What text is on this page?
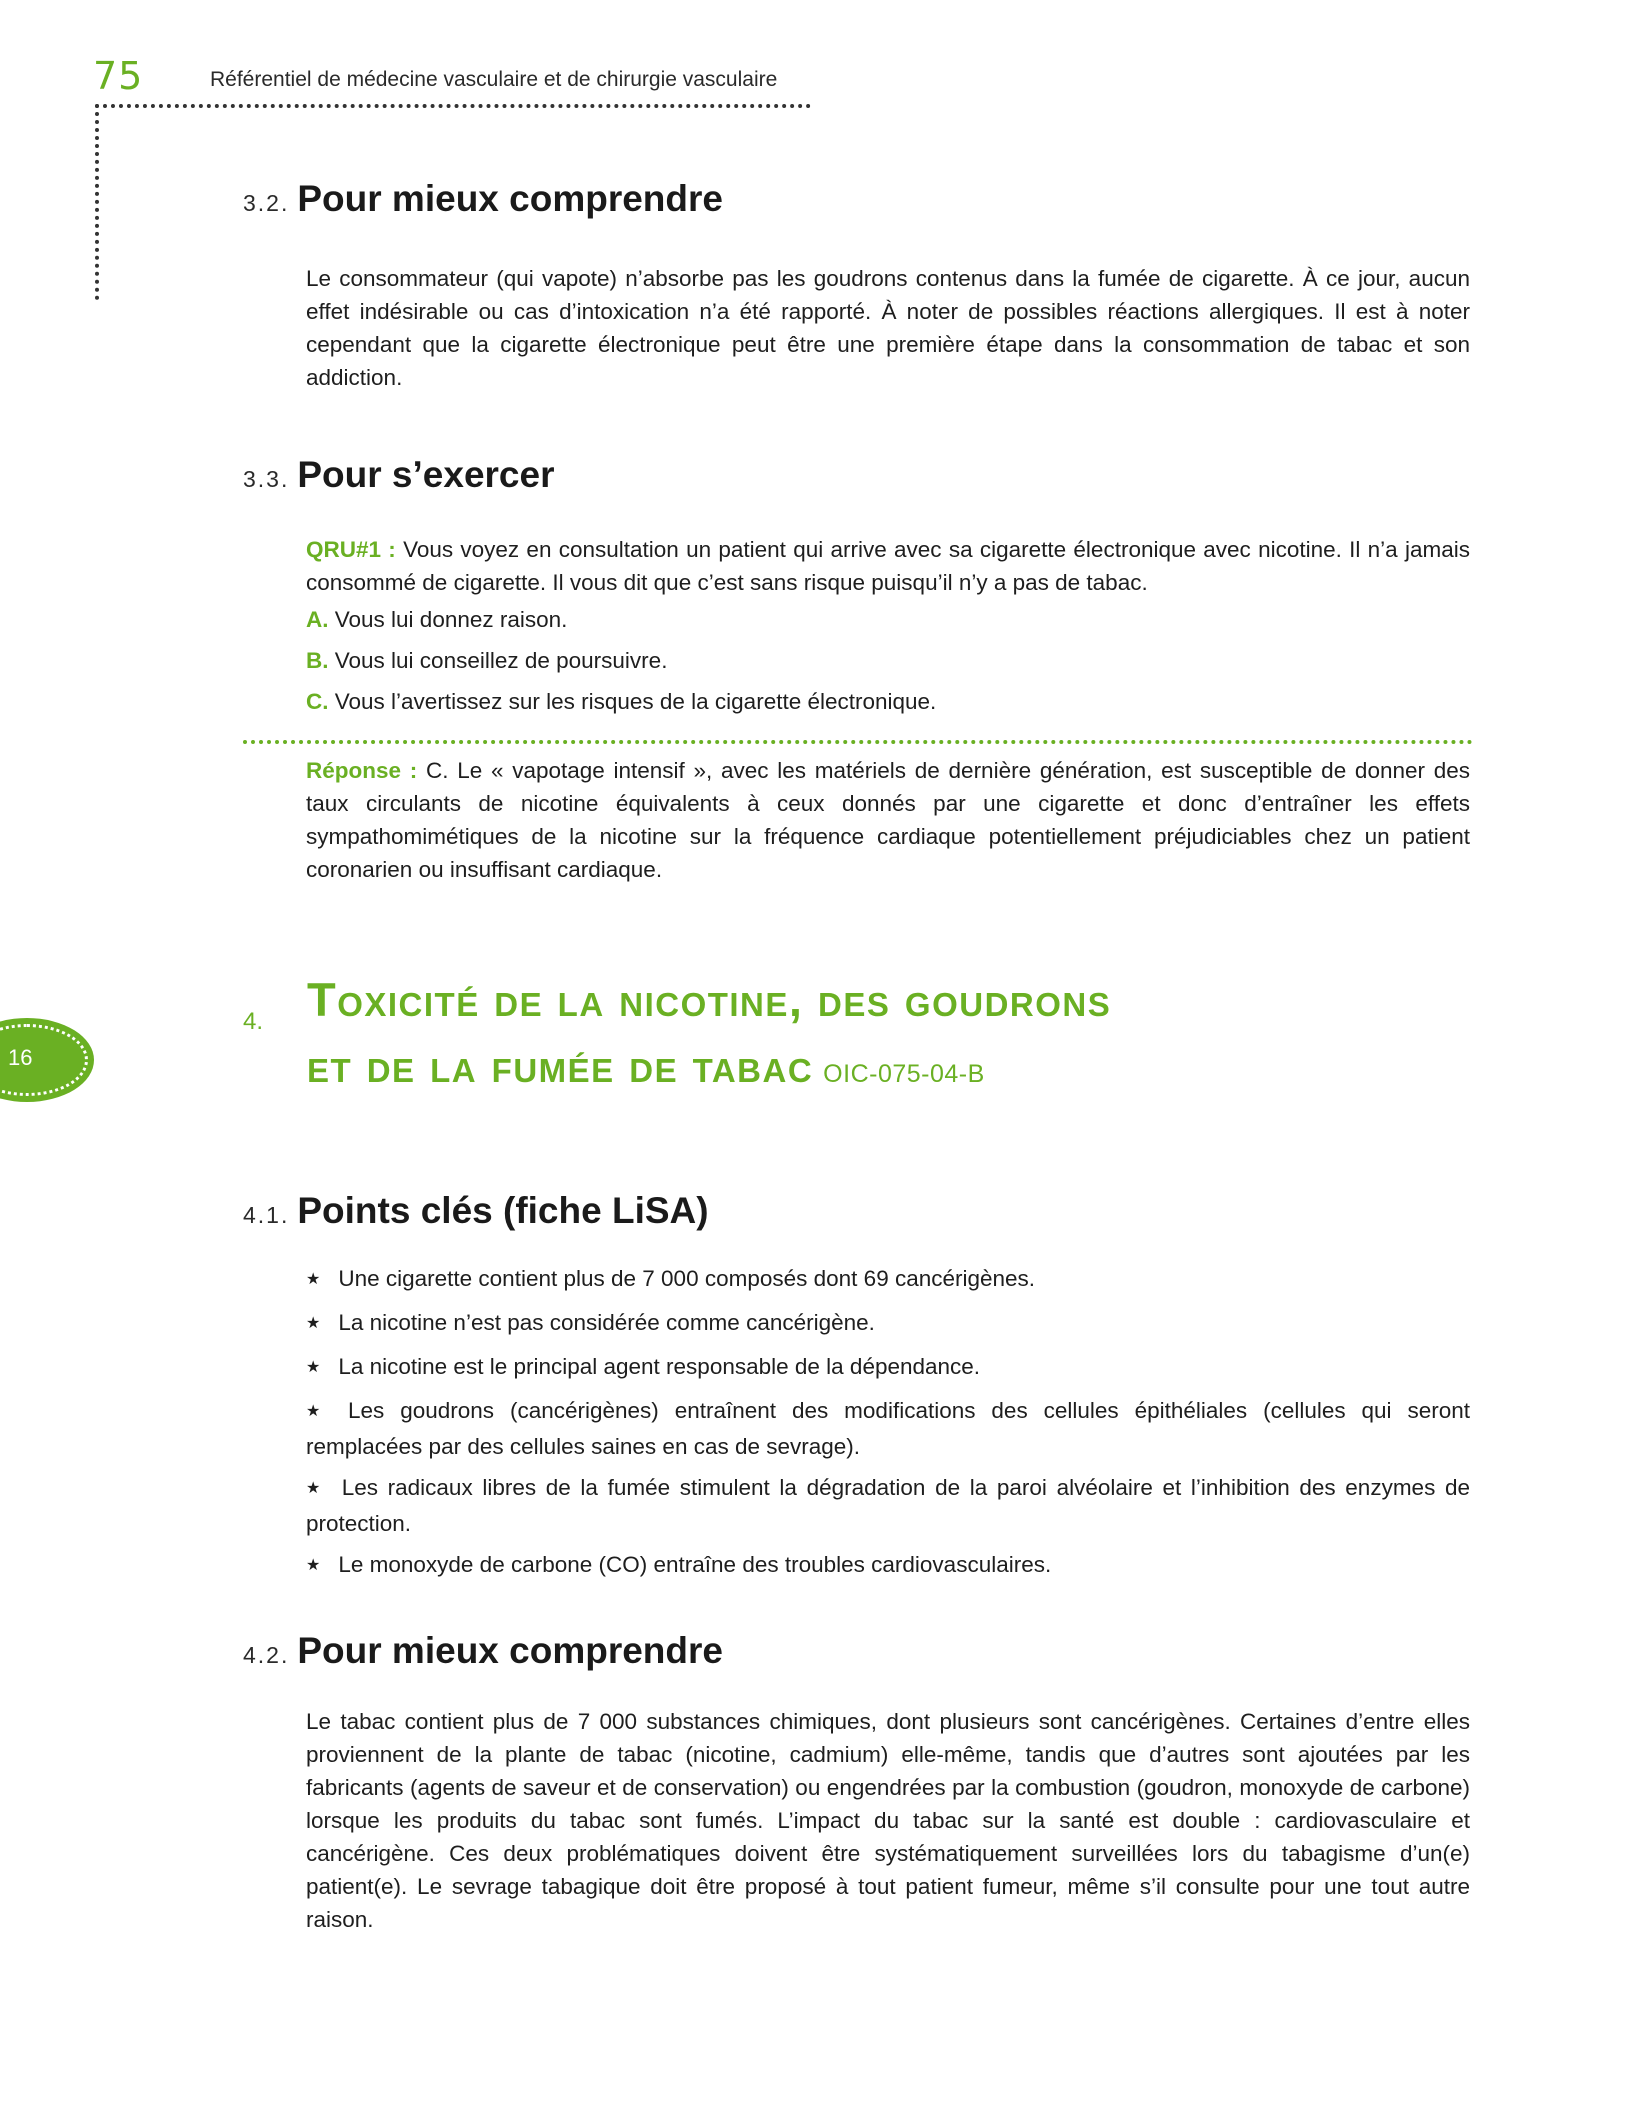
75	Référentiel de médecine vasculaire et de chirurgie vasculaire
3.2. Pour mieux comprendre

Le consommateur (qui vapote) n’absorbe pas les goudrons contenus dans la fumée de cigarette. À ce jour, aucun effet indésirable ou cas d’intoxication n’a été rapporté. À noter de possibles réactions allergiques. Il est à noter cependant que la cigarette électronique peut être une première étape dans la consommation de tabac et son addiction.

3.3. Pour s’exercer

QRU#1 : Vous voyez en consultation un patient qui arrive avec sa cigarette électronique avec nicotine. Il n’a jamais consommé de cigarette. Il vous dit que c’est sans risque puisqu’il n’y a pas de tabac.

A. Vous lui donnez raison.
B. Vous lui conseillez de poursuivre.
C. Vous l’avertissez sur les risques de la cigarette électronique.

Réponse : C. Le « vapotage intensif », avec les matériels de dernière génération, est susceptible de donner des taux circulants de nicotine équivalents à ceux donnés par une cigarette et donc d’entraîner les effets sympathomimétiques de la nicotine sur la fréquence cardiaque potentiellement préjudiciables chez un patient coronarien ou insuffisant cardiaque.

16
4. Toxicité de la nicotine, des goudrons
et de la fumée de tabac OIC-075-04-B
4.1. Points clés (fiche LiSA)
★ Une cigarette contient plus de 7 000 composés dont 69 cancérigènes.
★ La nicotine n’est pas considérée comme cancérigène.
★ La nicotine est le principal agent responsable de la dépendance.
★ Les goudrons (cancérigènes) entraînent des modifications des cellules épithéliales (cellules qui seront remplacées par des cellules saines en cas de sevrage).
★ Les radicaux libres de la fumée stimulent la dégradation de la paroi alvéolaire et l’inhibition des enzymes de protection.
★ Le monoxyde de carbone (CO) entraîne des troubles cardiovasculaires.
4.2. Pour mieux comprendre

Le tabac contient plus de 7 000 substances chimiques, dont plusieurs sont cancérigènes. Certaines d’entre elles proviennent de la plante de tabac (nicotine, cadmium) elle-même, tandis que d’autres sont ajoutées par les fabricants (agents de saveur et de conservation) ou engendrées par la combustion (goudron, monoxyde de carbone) lorsque les produits du tabac sont fumés. L’impact du tabac sur la santé est double : cardiovasculaire et cancérigène. Ces deux problématiques doivent être systématiquement surveillées lors du tabagisme d’un(e) patient(e). Le sevrage tabagique doit être proposé à tout patient fumeur, même s’il consulte pour une tout autre raison.
